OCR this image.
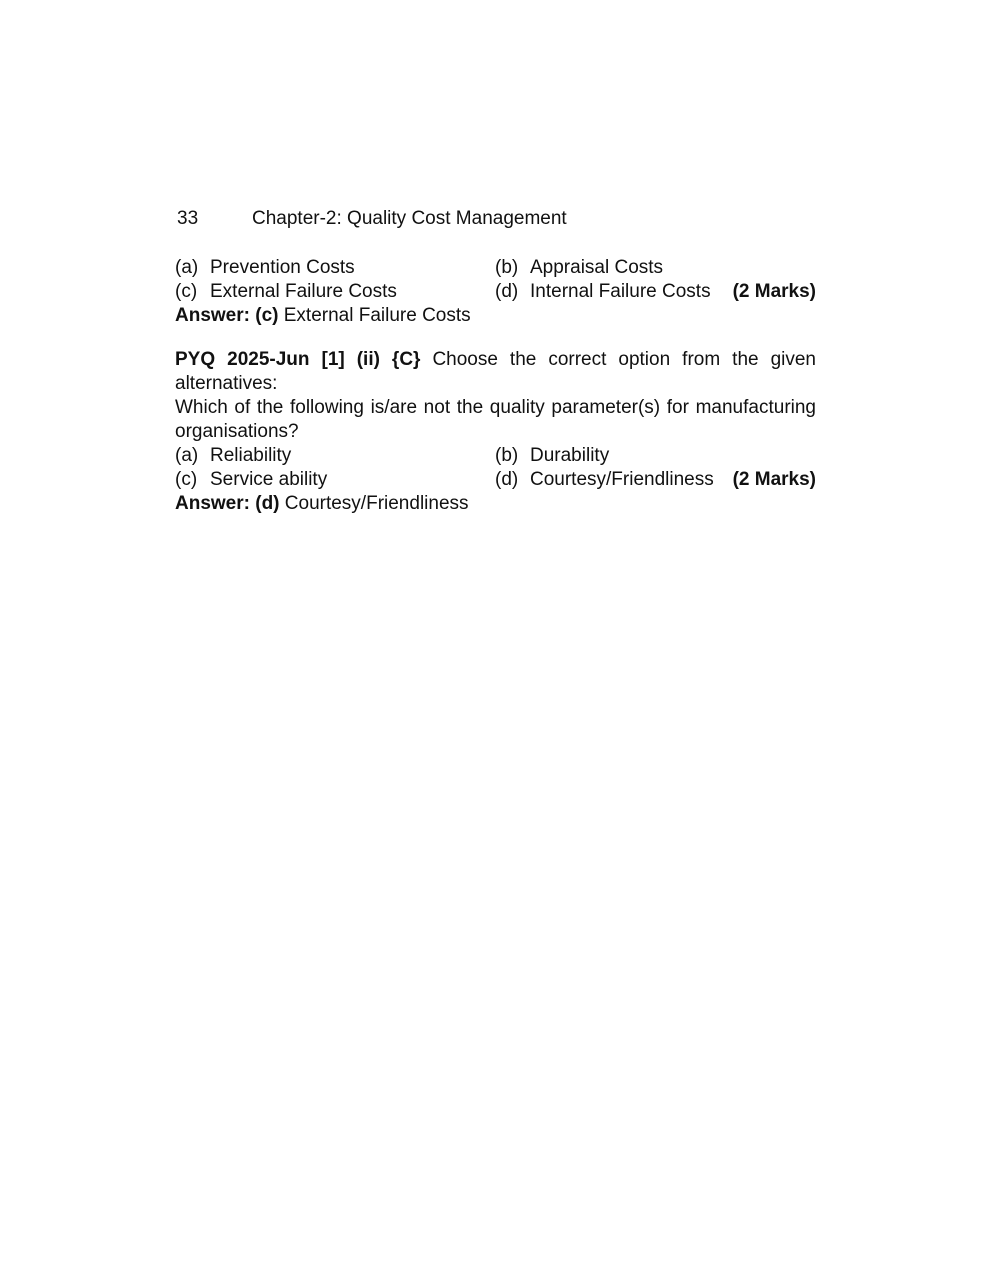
33	Chapter-2: Quality Cost Management
(a) Prevention Costs	(b) Appraisal Costs
(c) External Failure Costs	(d) Internal Failure Costs (2 Marks)
Answer: (c) External Failure Costs
PYQ 2025-Jun [1] (ii) {C} Choose the correct option from the given alternatives:
Which of the following is/are not the quality parameter(s) for manufacturing organisations?
(a) Reliability	(b) Durability
(c) Service ability	(d) Courtesy/Friendliness (2 Marks)
Answer: (d) Courtesy/Friendliness
